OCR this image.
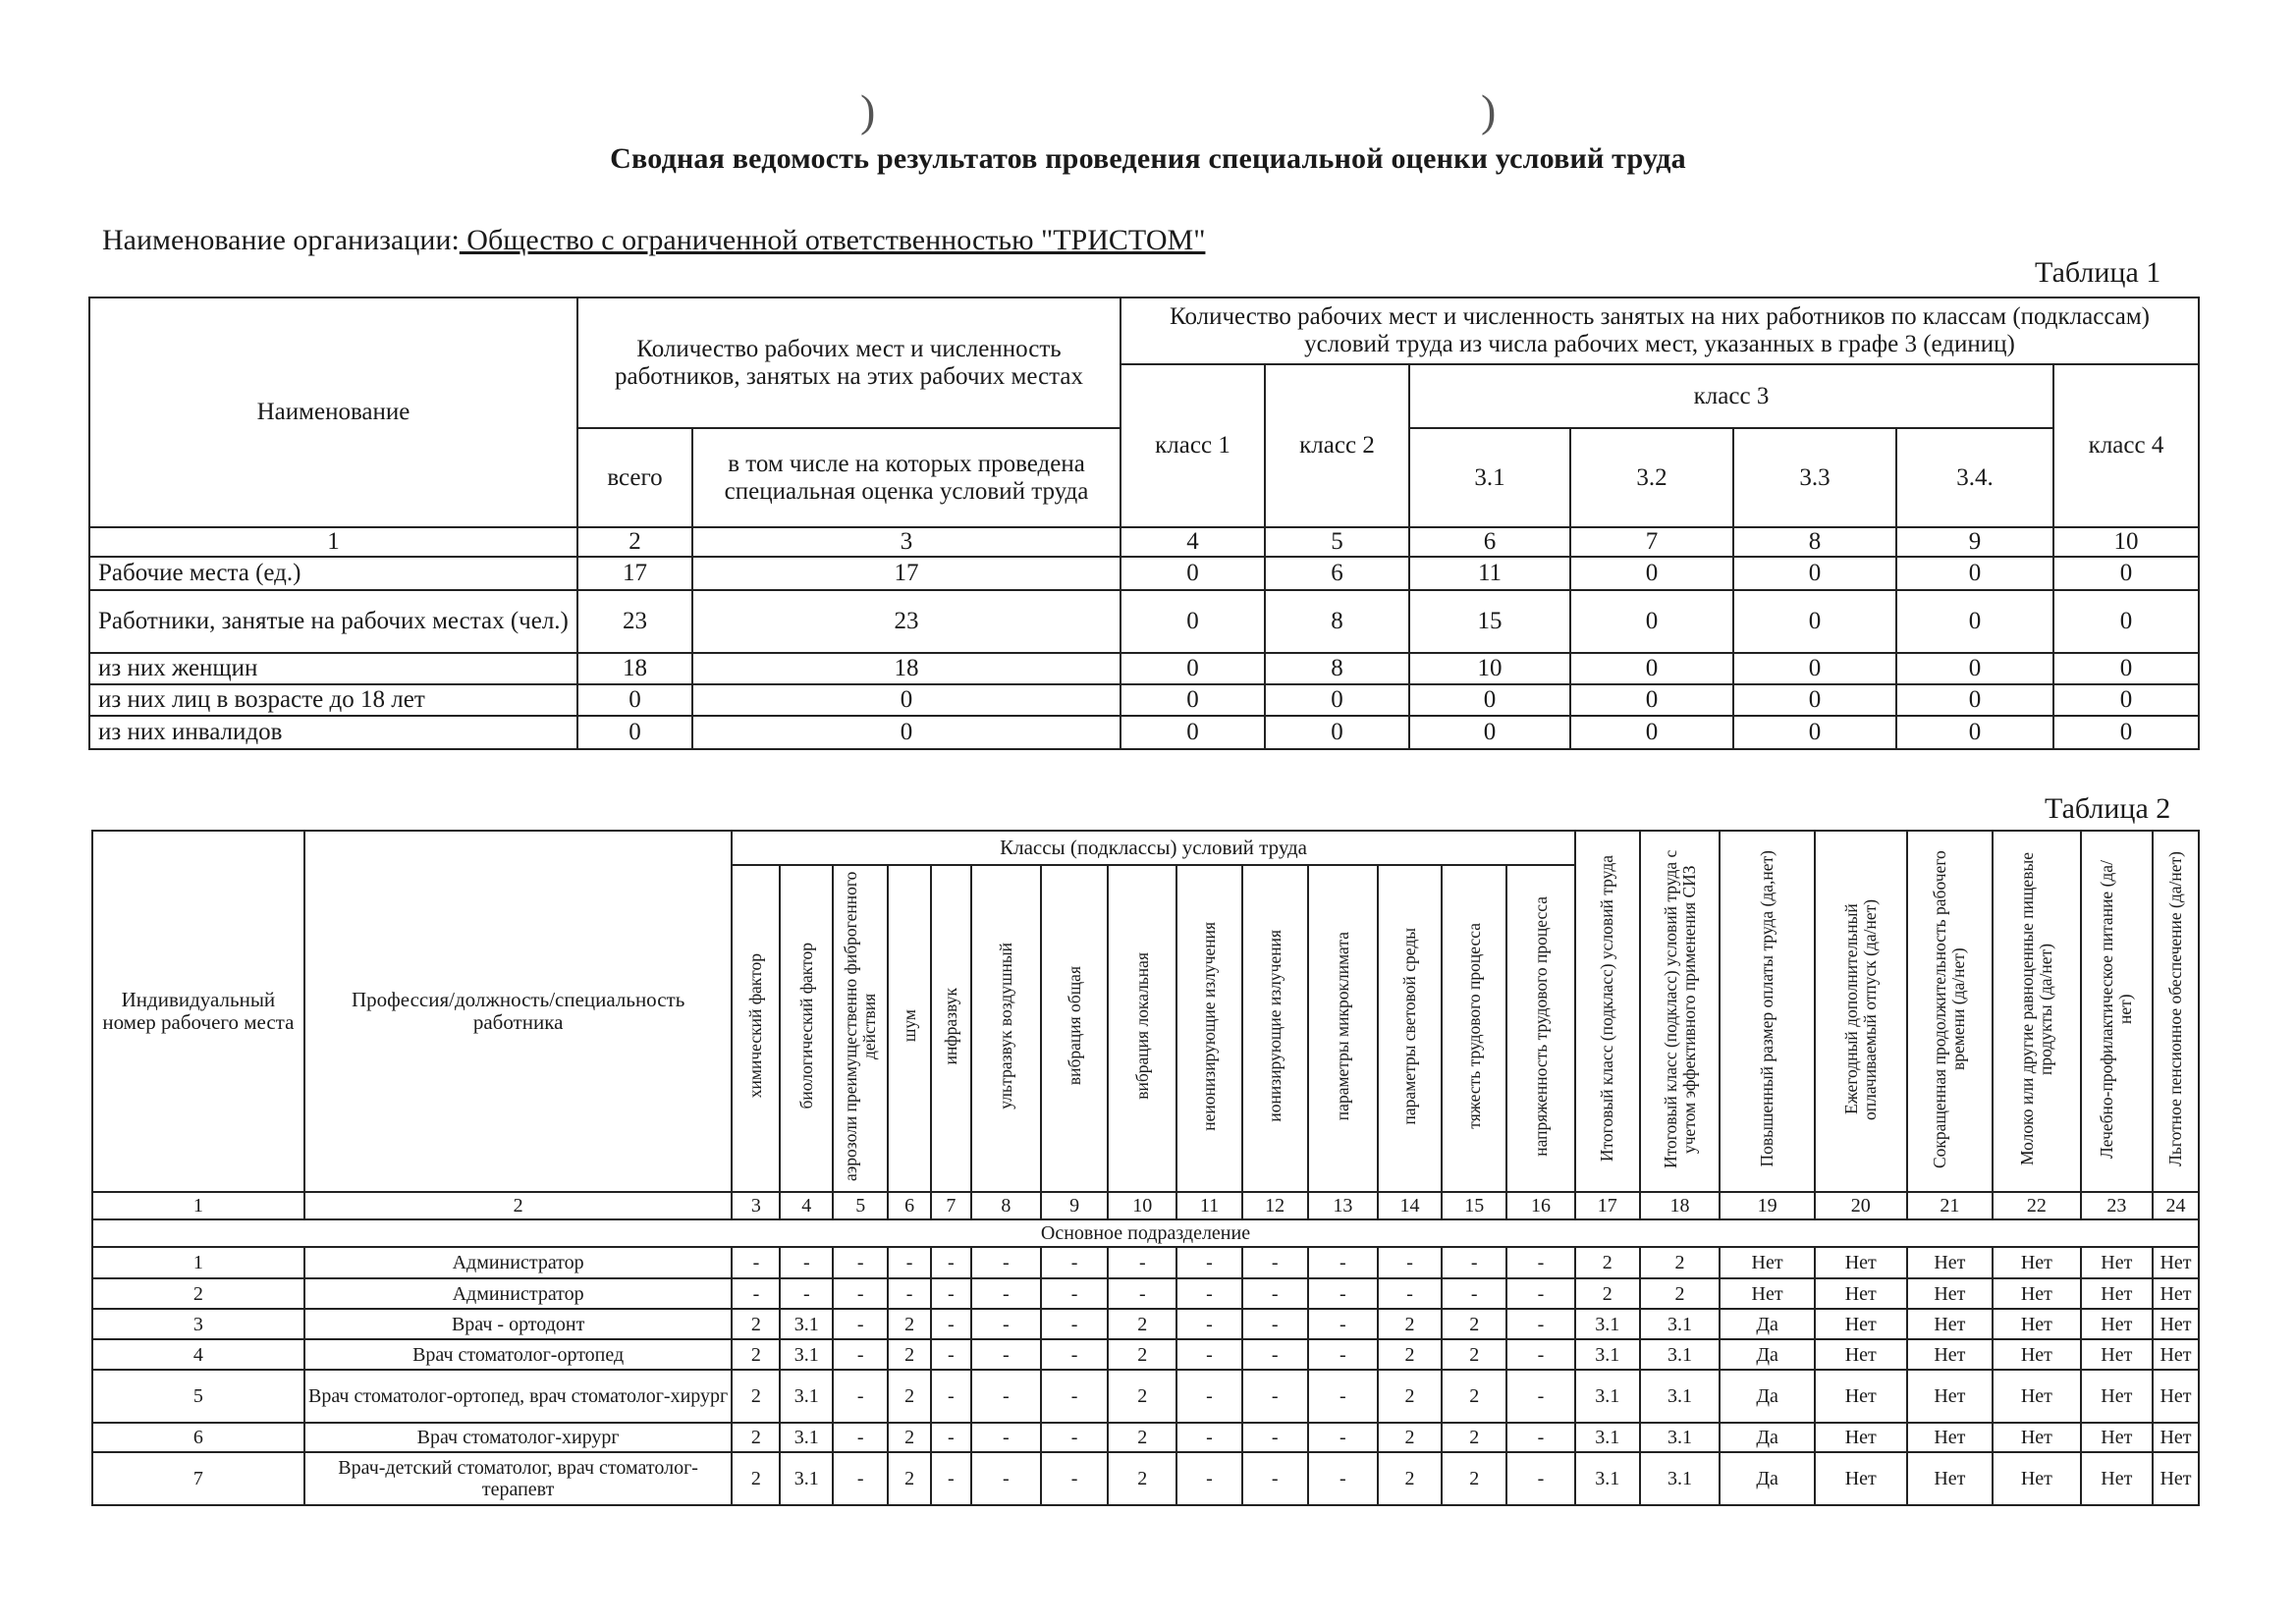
)	)
Сводная ведомость результатов проведения специальной оценки условий труда
Наименование организации: Общество с ограниченной ответственностью "ТРИСТОМ"
Таблица 1
Наименование	Количество рабочих мест и численность работников, занятых на этих рабочих местах		Количество рабочих мест и численность занятых на них работников по классам (подклассам) условий труда из числа рабочих мест, указанных в графе 3 (единиц)						
			класс 1	класс 2	класс 3				класс 4
	всего	в том числе на которых проведена специальная оценка условий труда			3.1	3.2	3.3	3.4.	
1	2	3	4	5	6	7	8	9	10
Рабочие места (ед.)	17	17	0	6	11	0	0	0	0
Работники, занятые на рабочих местах (чел.)	23	23	0	8	15	0	0	0	0
из них женщин	18	18	0	8	10	0	0	0	0
из них лиц в возрасте до 18 лет	0	0	0	0	0	0	0	0	0
из них инвалидов	0	0	0	0	0	0	0	0	0
Таблица 2
Индивидуальный номер рабочего места	Профессия/должность/специальность работника	Классы (подклассы) условий труда														Итоговый класс (подкласс) условий труда	Итоговый класс (подкласс) условий труда с учетом эффективного применения СИЗ	Повышенный размер оплаты труда (да,нет)	Ежегодный дополнительный оплачиваемый отпуск (да/нет)	Сокращенная продолжительность рабочего времени (да/нет)	Молоко или другие равноценные пищевые продукты (да/нет)	Лечебно-профилактическое питание (да/нет)	Льготное пенсионное обеспечение (да/нет)
		химический фактор	биологический фактор	аэрозоли преимущественно фиброгенного действия	шум	инфразвук	ультразвук воздушный	вибрация общая	вибрация локальная	неионизирующие излучения	ионизирующие излучения	параметры микроклимата	параметры световой среды	тяжесть трудового процесса	напряженность трудового процесса								
1	2	3	4	5	6	7	8	9	10	11	12	13	14	15	16	17	18	19	20	21	22	23	24
Основное подразделение																							
1	Администратор	-	-	-	-	-	-	-	-	-	-	-	-	-	-	2	2	Нет	Нет	Нет	Нет	Нет	Нет
2	Администратор	-	-	-	-	-	-	-	-	-	-	-	-	-	-	2	2	Нет	Нет	Нет	Нет	Нет	Нет
3	Врач - ортодонт	2	3.1	-	2	-	-	-	2	-	-	-	2	2	-	3.1	3.1	Да	Нет	Нет	Нет	Нет	Нет
4	Врач стоматолог-ортопед	2	3.1	-	2	-	-	-	2	-	-	-	2	2	-	3.1	3.1	Да	Нет	Нет	Нет	Нет	Нет
5	Врач стоматолог-ортопед, врач стоматолог-хирург	2	3.1	-	2	-	-	-	2	-	-	-	2	2	-	3.1	3.1	Да	Нет	Нет	Нет	Нет	Нет
6	Врач стоматолог-хирург	2	3.1	-	2	-	-	-	2	-	-	-	2	2	-	3.1	3.1	Да	Нет	Нет	Нет	Нет	Нет
7	Врач-детский стоматолог, врач стоматолог-терапевт	2	3.1	-	2	-	-	-	2	-	-	-	2	2	-	3.1	3.1	Да	Нет	Нет	Нет	Нет	Нет
